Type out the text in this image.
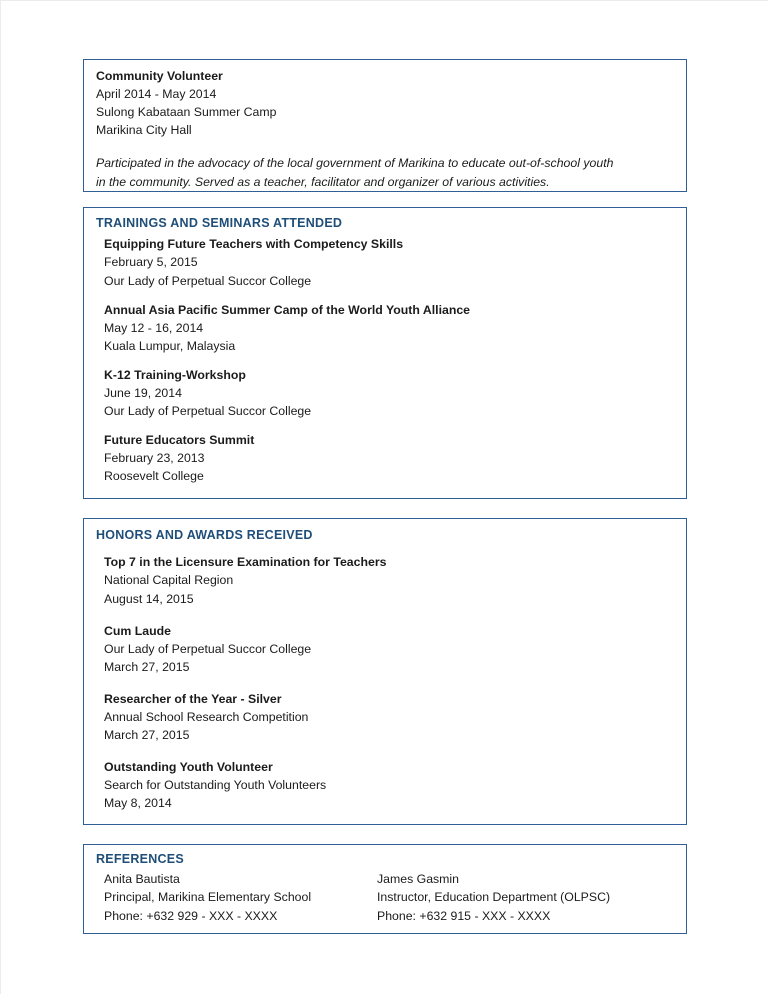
Community Volunteer
April 2014 - May 2014
Sulong Kabataan Summer Camp
Marikina City Hall
Participated in the advocacy of the local government of Marikina to educate out-of-school youth
in the community. Served as a teacher, facilitator and organizer of various activities.
TRAININGS AND SEMINARS ATTENDED
Equipping Future Teachers with Competency Skills
February 5, 2015
Our Lady of Perpetual Succor College
Annual Asia Pacific Summer Camp of the World Youth Alliance
May 12 - 16, 2014
Kuala Lumpur, Malaysia
K-12 Training-Workshop
June 19, 2014
Our Lady of Perpetual Succor College
Future Educators Summit
February 23, 2013
Roosevelt College
HONORS AND AWARDS RECEIVED
Top 7 in the Licensure Examination for Teachers
National Capital Region
August 14, 2015
Cum Laude
Our Lady of Perpetual Succor College
March 27, 2015
Researcher of the Year - Silver
Annual School Research Competition
March 27, 2015
Outstanding Youth Volunteer
Search for Outstanding Youth Volunteers
May 8, 2014
REFERENCES
Anita Bautista
Principal, Marikina Elementary School
Phone: +632 929 - XXX - XXXX
James Gasmin
Instructor, Education Department (OLPSC)
Phone: +632 915 - XXX - XXXX
